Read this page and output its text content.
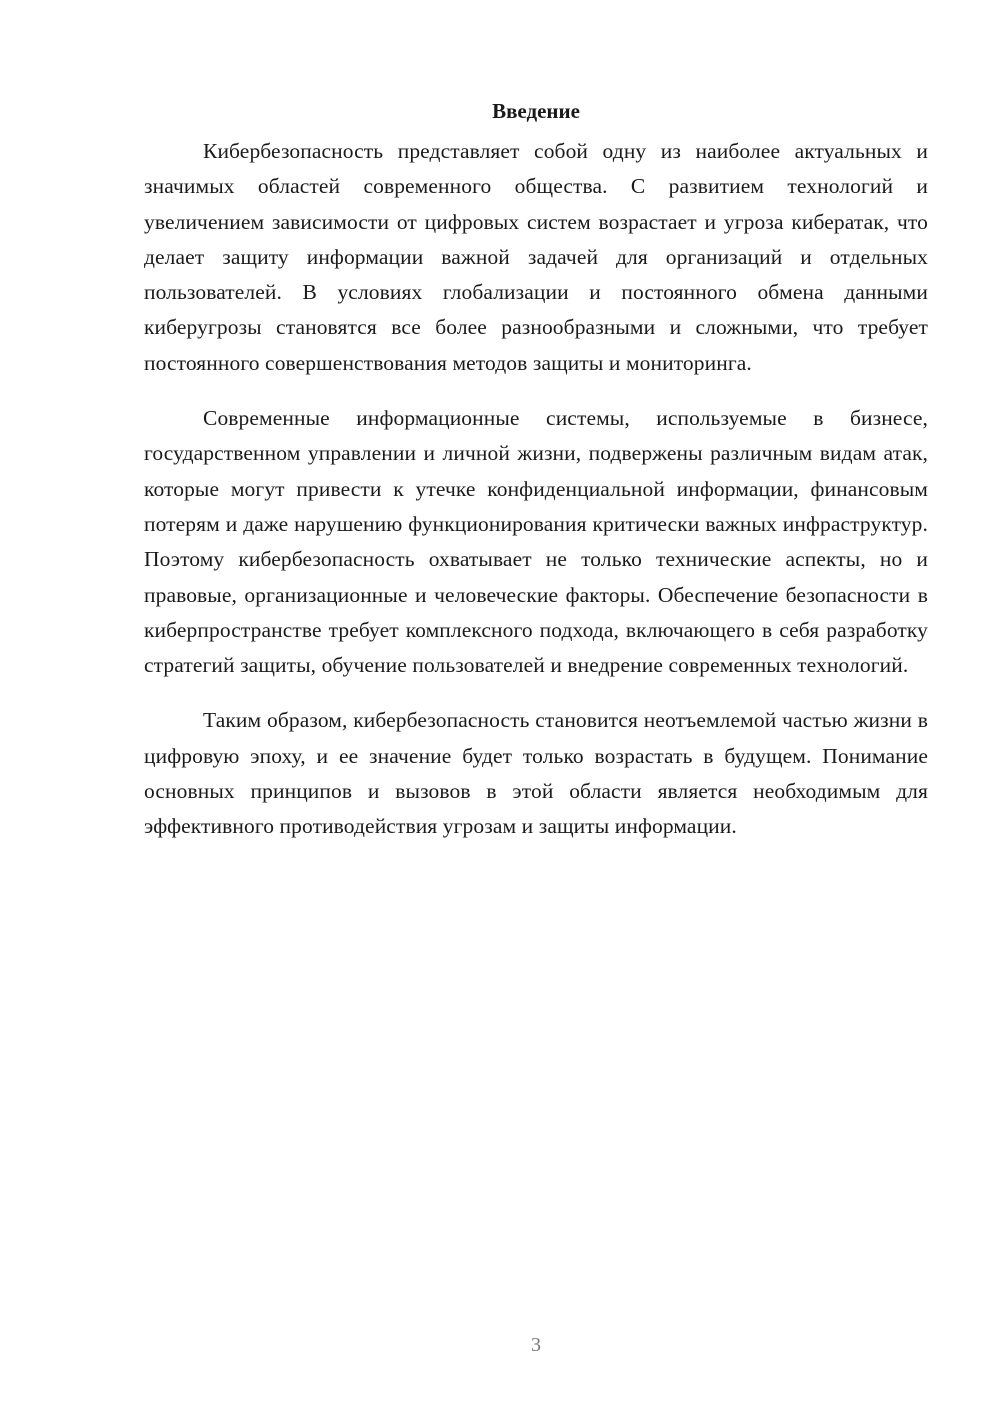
Введение

Кибербезопасность представляет собой одну из наиболее актуальных и значимых областей современного общества. С развитием технологий и увеличением зависимости от цифровых систем возрастает и угроза кибератак, что делает защиту информации важной задачей для организаций и отдельных пользователей. В условиях глобализации и постоянного обмена данными киберугрозы становятся все более разнообразными и сложными, что требует постоянного совершенствования методов защиты и мониторинга.

Современные информационные системы, используемые в бизнесе, государственном управлении и личной жизни, подвержены различным видам атак, которые могут привести к утечке конфиденциальной информации, финансовым потерям и даже нарушению функционирования критически важных инфраструктур. Поэтому кибербезопасность охватывает не только технические аспекты, но и правовые, организационные и человеческие факторы. Обеспечение безопасности в киберпространстве требует комплексного подхода, включающего в себя разработку стратегий защиты, обучение пользователей и внедрение современных технологий.

Таким образом, кибербезопасность становится неотъемлемой частью жизни в цифровую эпоху, и ее значение будет только возрастать в будущем. Понимание основных принципов и вызовов в этой области является необходимым для эффективного противодействия угрозам и защиты информации.

3
